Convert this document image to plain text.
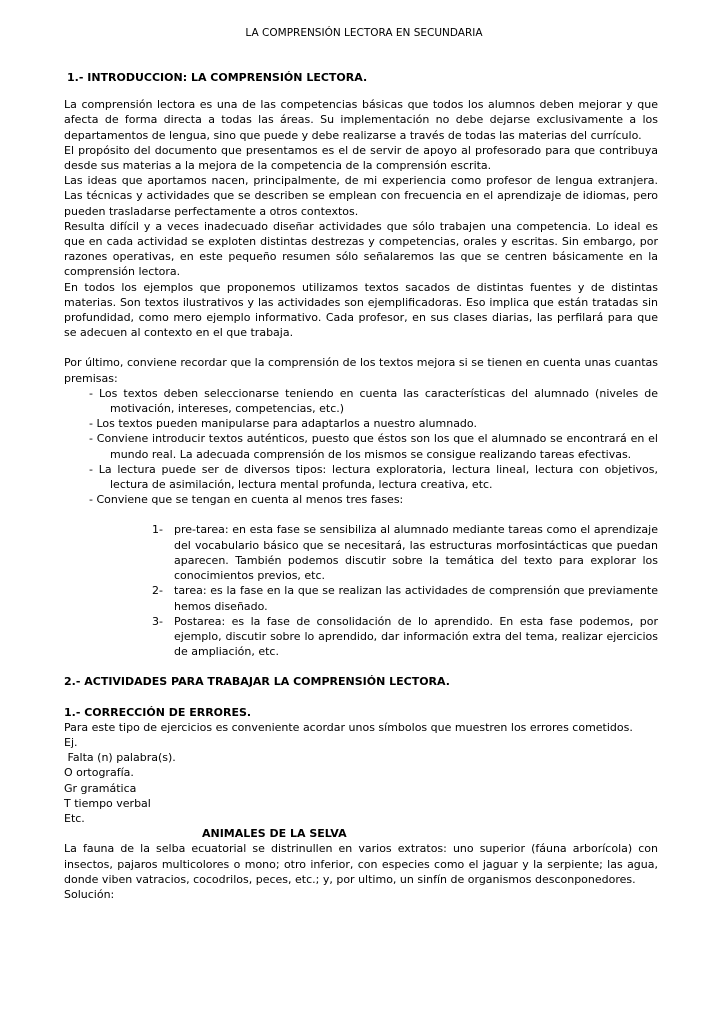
LA COMPRENSIÓN LECTORA EN SECUNDARIA

1.- INTRODUCCION: LA COMPRENSIÓN LECTORA.

La comprensión lectora es una de las competencias básicas que todos los alumnos deben mejorar y que afecta de forma directa a todas las áreas. Su implementación no debe dejarse exclusivamente a los departamentos de lengua, sino que puede y debe realizarse a través de todas las materias del currículo.

El propósito del documento que presentamos es el de servir de apoyo al profesorado para que contribuya desde sus materias a la mejora de la competencia de la comprensión escrita.

Las ideas que aportamos nacen, principalmente, de mi experiencia como profesor de lengua extranjera. Las técnicas y actividades que se describen se emplean con frecuencia en el aprendizaje de idiomas, pero pueden trasladarse perfectamente a otros contextos.

Resulta difícil y a veces inadecuado diseñar actividades que sólo trabajen una competencia. Lo ideal es que en cada actividad se exploten distintas destrezas y competencias, orales y escritas. Sin embargo, por razones operativas, en este pequeño resumen sólo señalaremos las que se centren básicamente en la comprensión lectora.

En todos los ejemplos que proponemos utilizamos textos sacados de distintas fuentes y de distintas materias. Son textos ilustrativos y las actividades son ejemplificadoras. Eso implica que están tratadas sin profundidad, como mero ejemplo informativo. Cada profesor, en sus clases diarias, las perfilará para que se adecuen al contexto en el que trabaja.

Por último, conviene recordar que la comprensión de los textos mejora si se tienen en cuenta unas cuantas premisas:

- Los textos deben seleccionarse teniendo en cuenta las características del alumnado (niveles de motivación, intereses, competencias, etc.)

- Los textos pueden manipularse para adaptarlos a nuestro alumnado.

- Conviene introducir textos auténticos, puesto que éstos son los que el alumnado se encontrará en el mundo real. La adecuada comprensión de los mismos se consigue realizando tareas efectivas.

- La lectura puede ser de diversos tipos: lectura exploratoria, lectura lineal, lectura con objetivos, lectura de asimilación, lectura mental profunda, lectura creativa, etc.

- Conviene que se tengan en cuenta al menos tres fases:

1- pre-tarea: en esta fase se sensibiliza al alumnado mediante tareas como el aprendizaje del vocabulario básico que se necesitará, las estructuras morfosintácticas que puedan aparecen. También podemos discutir sobre la temática del texto para explorar los conocimientos previos, etc.

2- tarea: es la fase en la que se realizan las actividades de comprensión que previamente hemos diseñado.

3- Postarea: es la fase de consolidación de lo aprendido. En esta fase podemos, por ejemplo, discutir sobre lo aprendido, dar información extra del tema, realizar ejercicios de ampliación, etc.

2.- ACTIVIDADES PARA TRABAJAR LA COMPRENSIÓN LECTORA.

1.- CORRECCIÓN DE ERRORES.

Para este tipo de ejercicios es conveniente acordar unos símbolos que muestren los errores cometidos.

Ej.

Falta (n) palabra(s).

O ortografía.

Gr gramática

T tiempo verbal

Etc.

ANIMALES DE LA SELVA

La fauna de la selba ecuatorial se distrinullen en varios extratos: uno superior (fáuna arborícola) con insectos, pajaros multicolores o mono; otro inferior, con especies como el jaguar y la serpiente; las agua, donde viben vatracios, cocodrilos, peces, etc.; y, por ultimo, un sinfín de organismos desconponedores.

Solución:
